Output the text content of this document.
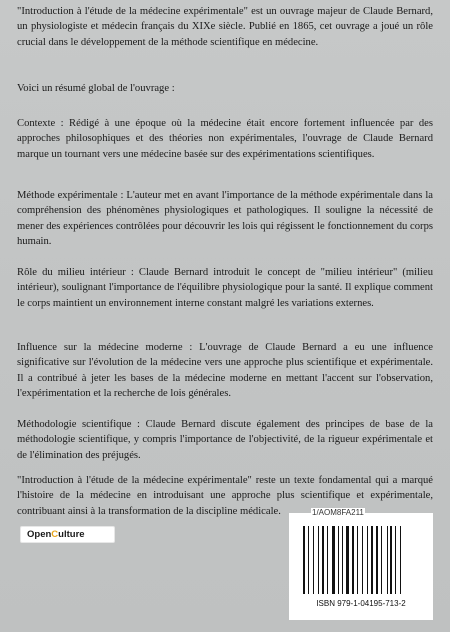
"Introduction à l'étude de la médecine expérimentale" est un ouvrage majeur de Claude Bernard, un physiologiste et médecin français du XIXe siècle. Publié en 1865, cet ouvrage a joué un rôle crucial dans le développement de la méthode scientifique en médecine.

Voici un résumé global de l'ouvrage :

Contexte : Rédigé à une époque où la médecine était encore fortement influencée par des approches philosophiques et des théories non expérimentales, l'ouvrage de Claude Bernard marque un tournant vers une médecine basée sur des expérimentations scientifiques.

Méthode expérimentale : L'auteur met en avant l'importance de la méthode expérimentale dans la compréhension des phénomènes physiologiques et pathologiques. Il souligne la nécessité de mener des expériences contrôlées pour découvrir les lois qui régissent le fonctionnement du corps humain.

Rôle du milieu intérieur : Claude Bernard introduit le concept de "milieu intérieur" (milieu intérieur), soulignant l'importance de l'équilibre physiologique pour la santé. Il explique comment le corps maintient un environnement interne constant malgré les variations externes.

Influence sur la médecine moderne : L'ouvrage de Claude Bernard a eu une influence significative sur l'évolution de la médecine vers une approche plus scientifique et expérimentale. Il a contribué à jeter les bases de la médecine moderne en mettant l'accent sur l'observation, l'expérimentation et la recherche de lois générales.

Méthodologie scientifique : Claude Bernard discute également des principes de base de la méthodologie scientifique, y compris l'importance de l'objectivité, de la rigueur expérimentale et de l'élimination des préjugés.

"Introduction à l'étude de la médecine expérimentale" reste un texte fondamental qui a marqué l'histoire de la médecine en introduisant une approche plus scientifique et expérimentale, contribuant ainsi à la transformation de la discipline médicale.

OpenCulture
ISBN 979-1-04195-713-2
1/AOM8FA211
